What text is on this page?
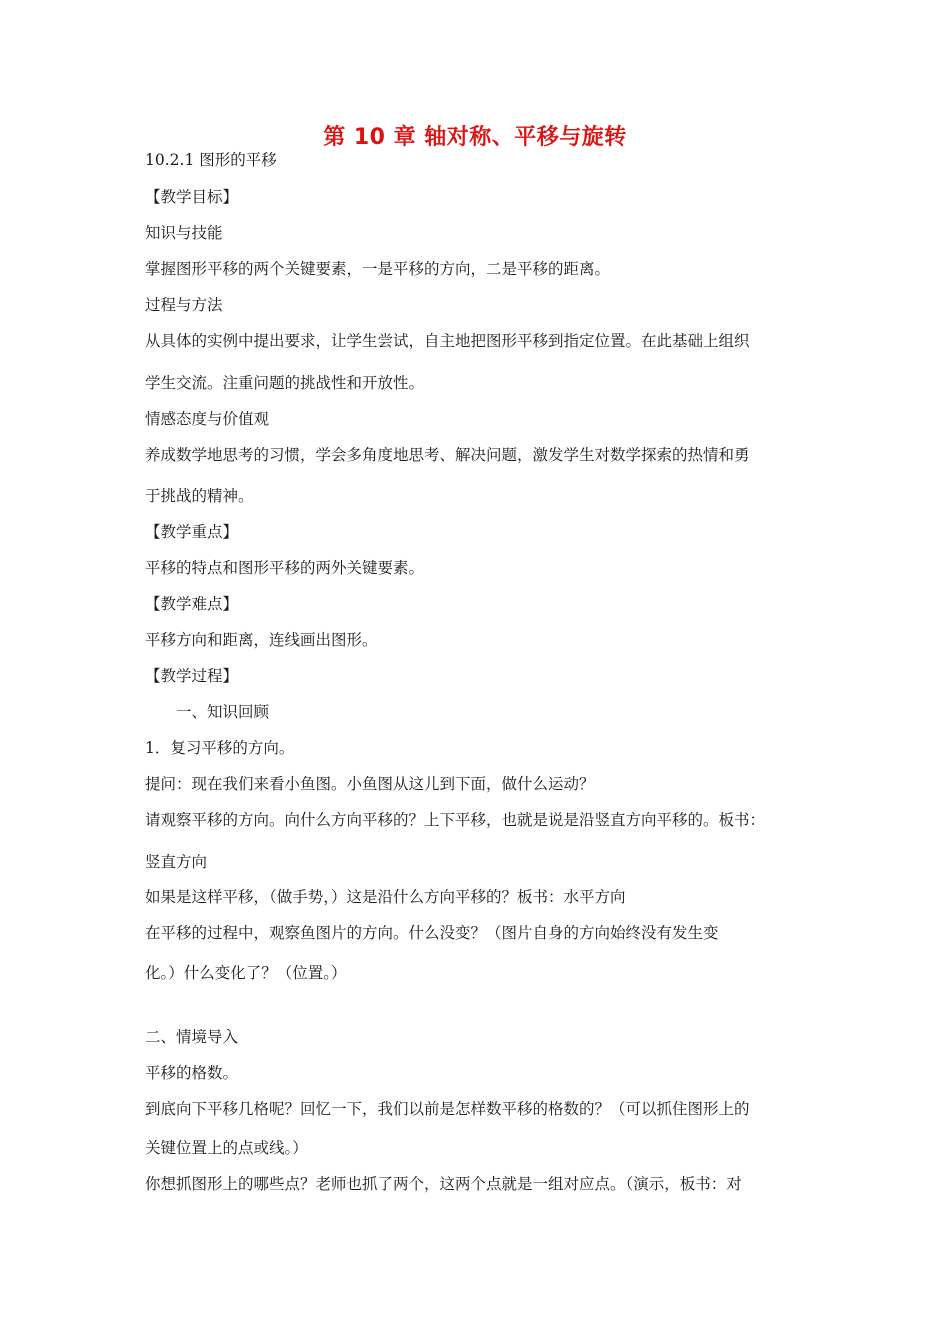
第 10 章 轴对称、平移与旋转
10.2.1 图形的平移
【教学目标】
知识与技能
掌握图形平移的两个关键要素，一是平移的方向，二是平移的距离。
过程与方法
从具体的实例中提出要求，让学生尝试，自主地把图形平移到指定位置。在此基础上组织
学生交流。注重问题的挑战性和开放性。
情感态度与价值观
养成数学地思考的习惯，学会多角度地思考、解决问题，激发学生对数学探索的热情和勇
于挑战的精神。
【教学重点】
平移的特点和图形平移的两外关键要素。
【教学难点】
平移方向和距离，连线画出图形。
【教学过程】
一、知识回顾
1．复习平移的方向。
提问：现在我们来看小鱼图。小鱼图从这儿到下面，做什么运动？
请观察平移的方向。向什么方向平移的？上下平移，也就是说是沿竖直方向平移的。板书：
竖直方向
如果是这样平移，（做手势，）这是沿什么方向平移的？板书：水平方向
在平移的过程中，观察鱼图片的方向。什么没变？（图片自身的方向始终没有发生变
化。）什么变化了？（位置。）
二、情境导入
平移的格数。
到底向下平移几格呢？回忆一下，我们以前是怎样数平移的格数的？（可以抓住图形上的
关键位置上的点或线。）
你想抓图形上的哪些点？老师也抓了两个，这两个点就是一组对应点。（演示，板书：对
